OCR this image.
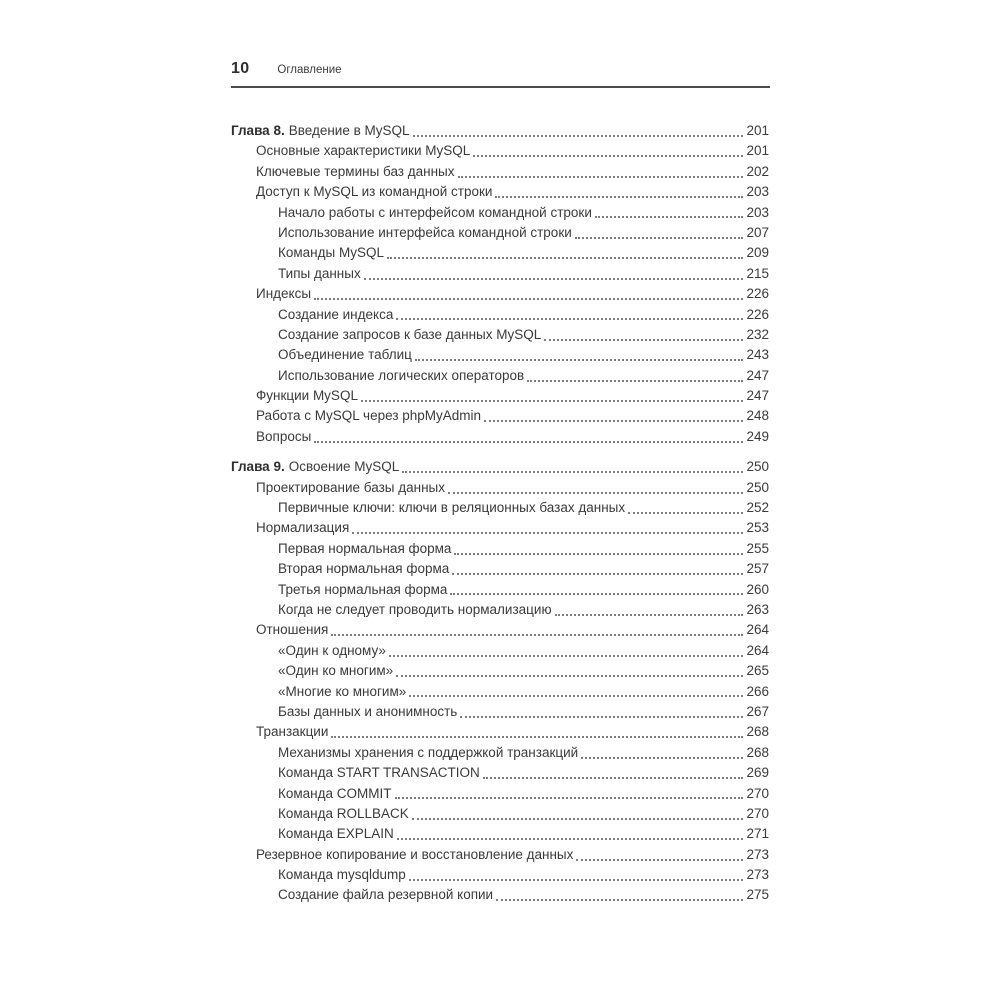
10 Оглавление
Глава 8. Введение в MySQL	201
Основные характеристики MySQL	201
Ключевые термины баз данных	202
Доступ к MySQL из командной строки	203
Начало работы с интерфейсом командной строки	203
Использование интерфейса командной строки	207
Команды MySQL	209
Типы данных	215
Индексы	226
Создание индекса	226
Создание запросов к базе данных MySQL	232
Объединение таблиц	243
Использование логических операторов	247
Функции MySQL	247
Работа с MySQL через phpMyAdmin	248
Вопросы	249
Глава 9. Освоение MySQL	250
Проектирование базы данных	250
Первичные ключи: ключи в реляционных базах данных	252
Нормализация	253
Первая нормальная форма	255
Вторая нормальная форма	257
Третья нормальная форма	260
Когда не следует проводить нормализацию	263
Отношения	264
«Один к одному»	264
«Один ко многим»	265
«Многие ко многим»	266
Базы данных и анонимность	267
Транзакции	268
Механизмы хранения с поддержкой транзакций	268
Команда START TRANSACTION	269
Команда COMMIT	270
Команда ROLLBACK	270
Команда EXPLAIN	271
Резервное копирование и восстановление данных	273
Команда mysqldump	273
Создание файла резервной копии	275
